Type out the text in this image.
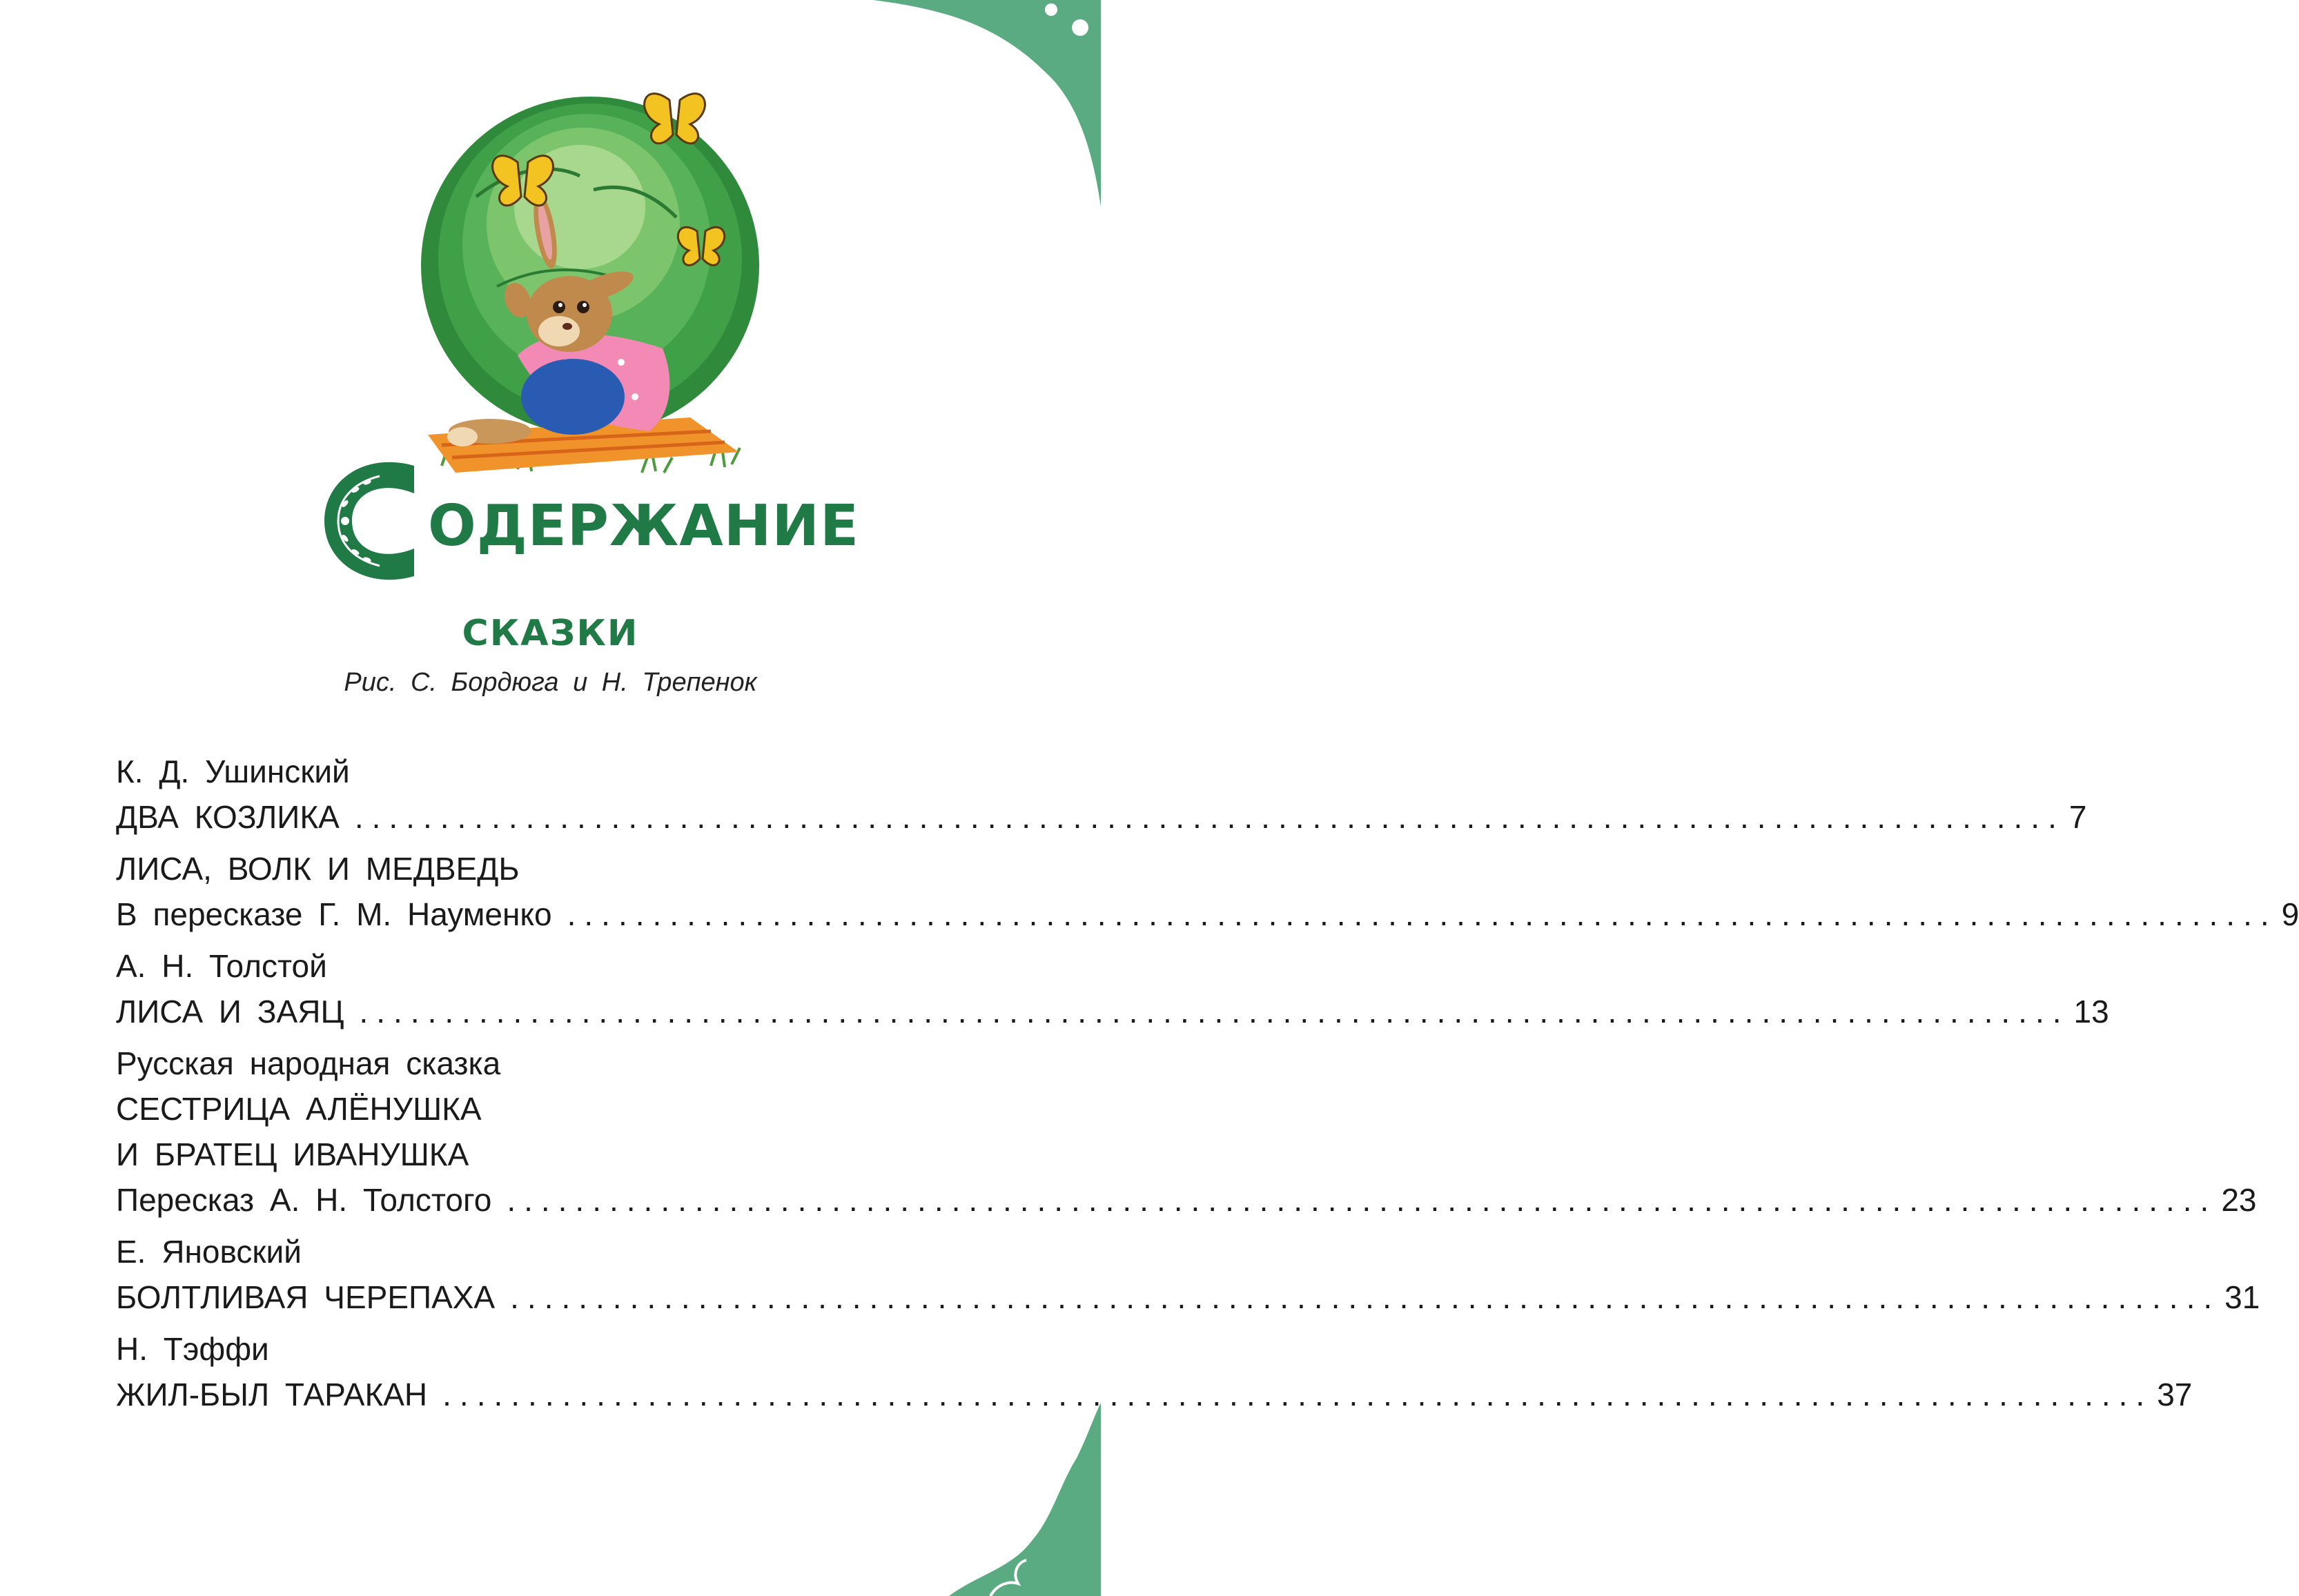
ОДЕРЖАНИЕ
СКАЗКИ
Рис. С. Бордюга и Н. Трепенок
К. Д. Ушинский
ДВА КОЗЛИКА .................................................................................................... 7
ЛИСА, ВОЛК И МЕДВЕДЬ
В пересказе Г. М. Науменко .................................................................................................... 9
А. Н. Толстой
ЛИСА И ЗАЯЦ .................................................................................................... 13
Русская народная сказка
СЕСТРИЦА АЛЁНУШКА
И БРАТЕЦ ИВАНУШКА
Пересказ А. Н. Толстого .................................................................................................... 23
Е. Яновский
БОЛТЛИВАЯ ЧЕРЕПАХА .................................................................................................... 31
Н. Тэффи
ЖИЛ-БЫЛ ТАРАКАН .................................................................................................... 37
